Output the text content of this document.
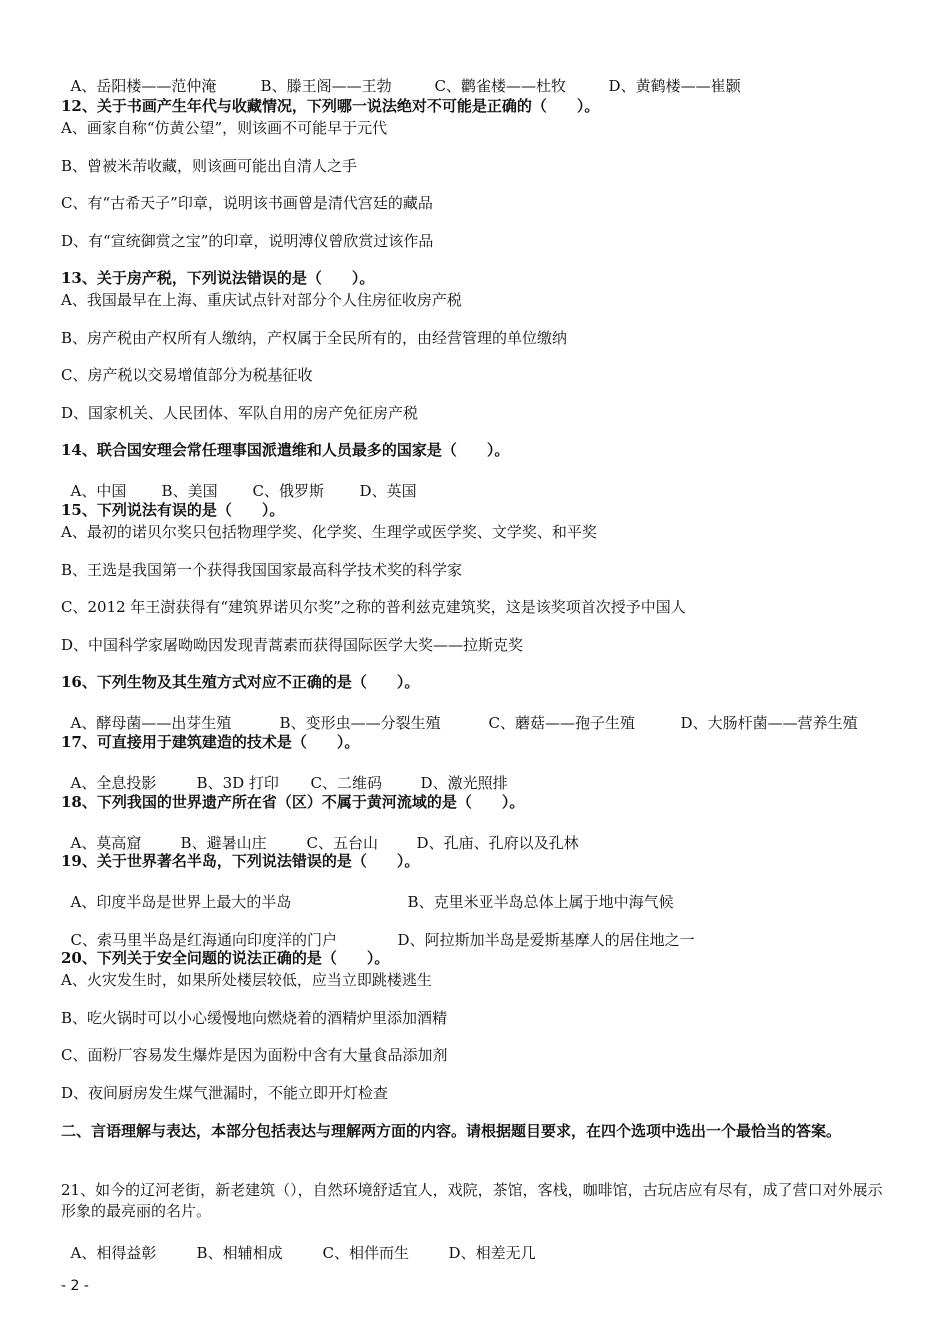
A、岳阳楼——范仲淹	B、滕王阁——王勃	C、鹳雀楼——杜牧	D、黄鹤楼——崔颢

12、关于书画产生年代与收藏情况，下列哪一说法绝对不可能是正确的（　　）。
A、画家自称“仿黄公望”，则该画不可能早于元代
B、曾被米芾收藏，则该画可能出自清人之手
C、有“古希天子”印章，说明该书画曾是清代宫廷的藏品
D、有“宣统御赏之宝”的印章，说明溥仪曾欣赏过该作品
13、关于房产税，下列说法错误的是（　　）。
A、我国最早在上海、重庆试点针对部分个人住房征收房产税
B、房产税由产权所有人缴纳，产权属于全民所有的，由经营管理的单位缴纳
C、房产税以交易增值部分为税基征收
D、国家机关、人民团体、军队自用的房产免征房产税
14、联合国安理会常任理事国派遣维和人员最多的国家是（　　）。

A、中国 B、美国 C、俄罗斯 D、英国

15、下列说法有误的是（　　）。
A、最初的诺贝尔奖只包括物理学奖、化学奖、生理学或医学奖、文学奖、和平奖
B、王选是我国第一个获得我国国家最高科学技术奖的科学家
C、2012 年王澍获得有“建筑界诺贝尔奖”之称的普利兹克建筑奖，这是该奖项首次授予中国人
D、中国科学家屠呦呦因发现青蒿素而获得国际医学大奖——拉斯克奖
16、下列生物及其生殖方式对应不正确的是（　　）。

A、酵母菌——出芽生殖	B、变形虫——分裂生殖	C、蘑菇——孢子生殖	D、大肠杆菌——营养生殖

17、可直接用于建筑建造的技术是（　　）。

A、全息投影	B、3D 打印 C、二维码	D、激光照排

18、下列我国的世界遗产所在省（区）不属于黄河流域的是（　　）。

A、莫高窟	B、避暑山庄	C、五台山	D、孔庙、孔府以及孔林

19、关于世界著名半岛，下列说法错误的是（　　）。

A、印度半岛是世界上最大的半岛	B、克里米亚半岛总体上属于地中海气候

C、索马里半岛是红海通向印度洋的门户	D、阿拉斯加半岛是爱斯基摩人的居住地之一

20、下列关于安全问题的说法正确的是（　　）。
A、火灾发生时，如果所处楼层较低，应当立即跳楼逃生
B、吃火锅时可以小心缓慢地向燃烧着的酒精炉里添加酒精
C、面粉厂容易发生爆炸是因为面粉中含有大量食品添加剂
D、夜间厨房发生煤气泄漏时，不能立即开灯检查
二、言语理解与表达，本部分包括表达与理解两方面的内容。请根据题目要求，在四个选项中选出一个最恰当的答案。
21、如今的辽河老街，新老建筑（），自然环境舒适宜人，戏院，茶馆，客栈，咖啡馆，古玩店应有尽有，成了营口对外展示形象的最亮丽的名片。

A、相得益彰	B、相辅相成	C、相伴而生	D、相差无几

- 2 -
